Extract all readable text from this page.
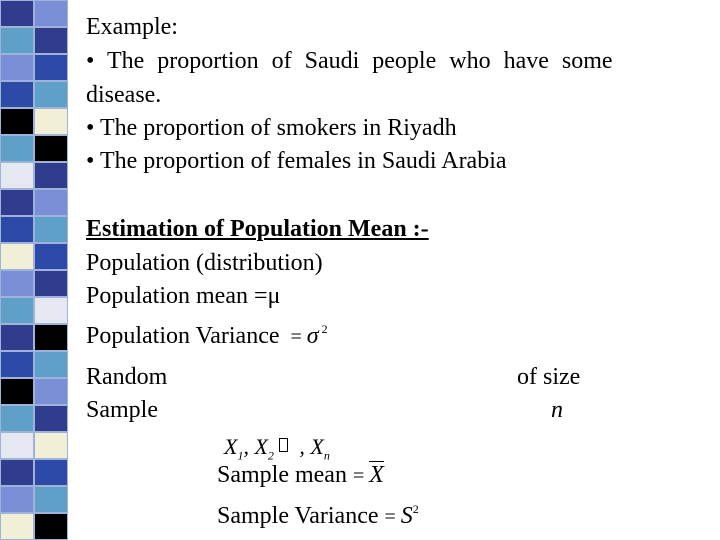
Example:
• The proportion of Saudi people who have some
disease.
• The proportion of smokers in Riyadh
• The proportion of females in Saudi Arabia
Estimation of Population Mean :-
Population (distribution)
Population mean =μ
Population Variance  = σ $^2$
Random
Sample
of size
n
$X_1$, $X_2$   , $X_n$
Sample mean = X
Sample Variance = $S^2$
